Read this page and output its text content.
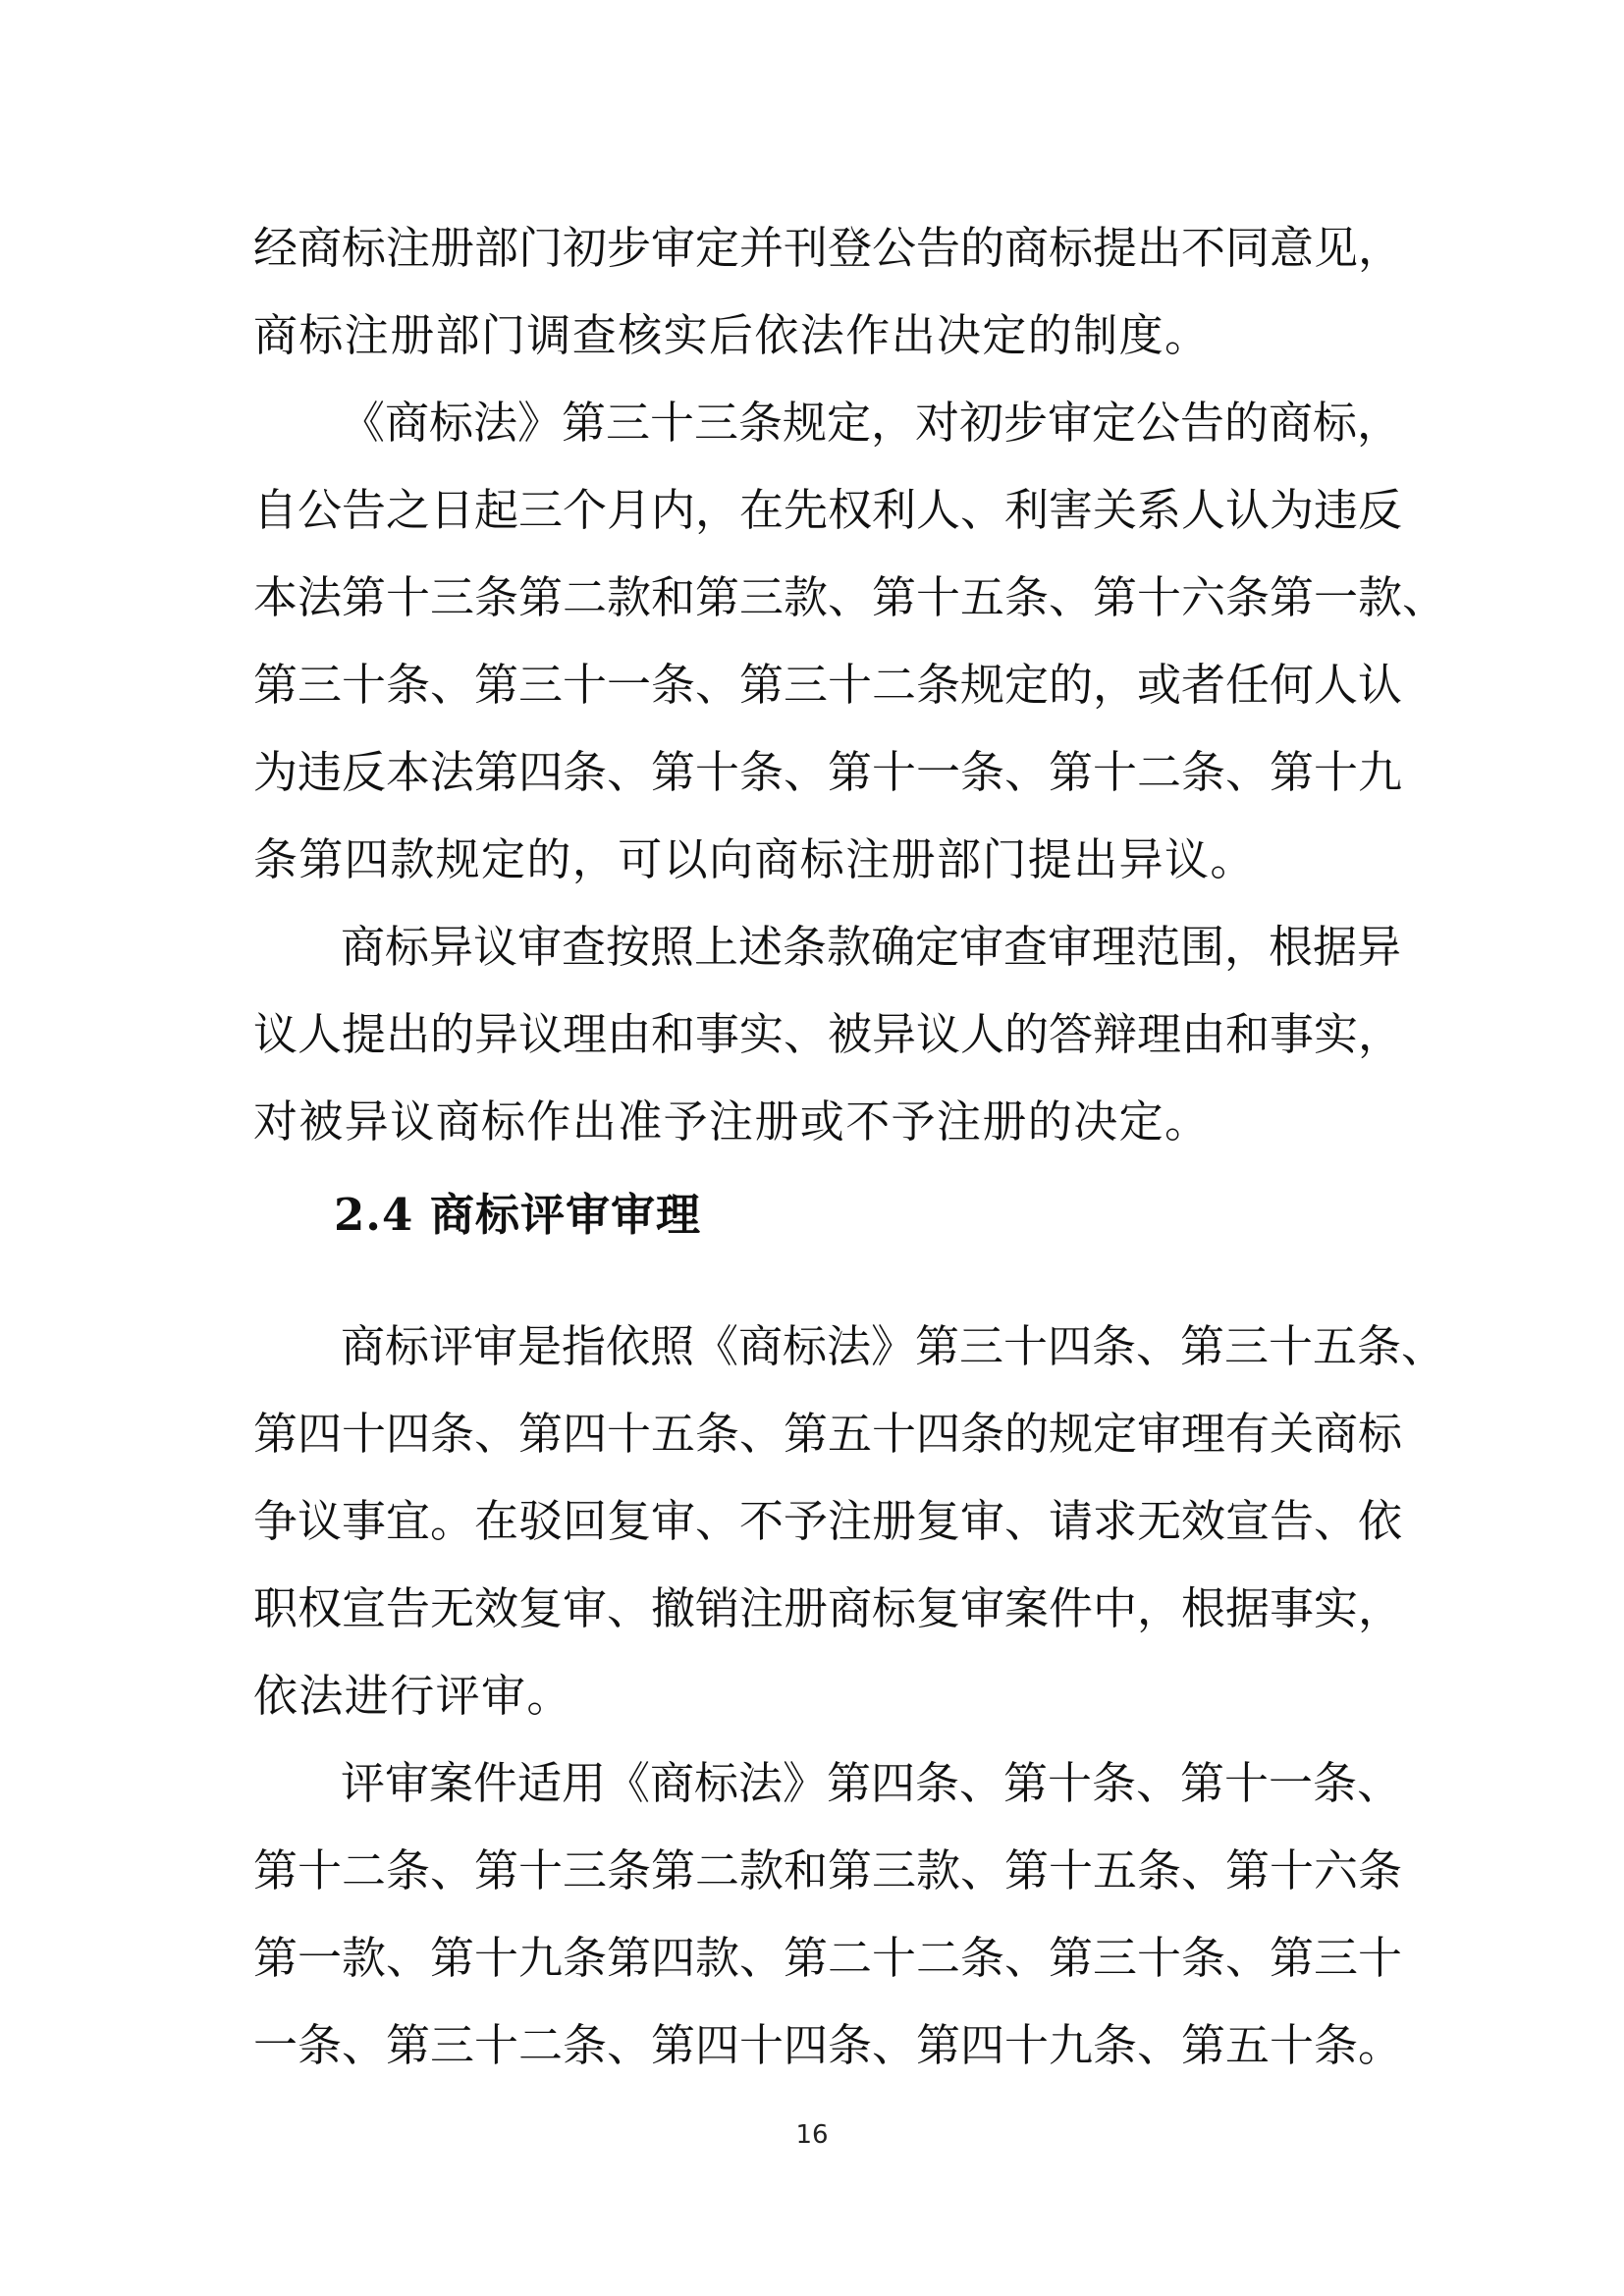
经商标注册部门初步审定并刊登公告的商标提出不同意见，
商标注册部门调查核实后依法作出决定的制度。
《商标法》第三十三条规定，对初步审定公告的商标，
自公告之日起三个月内，在先权利人、利害关系人认为违反
本法第十三条第二款和第三款、第十五条、第十六条第一款、
第三十条、第三十一条、第三十二条规定的，或者任何人认
为违反本法第四条、第十条、第十一条、第十二条、第十九
条第四款规定的，可以向商标注册部门提出异议。
商标异议审查按照上述条款确定审查审理范围，根据异
议人提出的异议理由和事实、被异议人的答辩理由和事实，
对被异议商标作出准予注册或不予注册的决定。
2.4 商标评审审理
商标评审是指依照《商标法》第三十四条、第三十五条、
第四十四条、第四十五条、第五十四条的规定审理有关商标
争议事宜。在驳回复审、不予注册复审、请求无效宣告、依
职权宣告无效复审、撤销注册商标复审案件中，根据事实，
依法进行评审。
评审案件适用《商标法》第四条、第十条、第十一条、
第十二条、第十三条第二款和第三款、第十五条、第十六条
第一款、第十九条第四款、第二十二条、第三十条、第三十
一条、第三十二条、第四十四条、第四十九条、第五十条。
16
